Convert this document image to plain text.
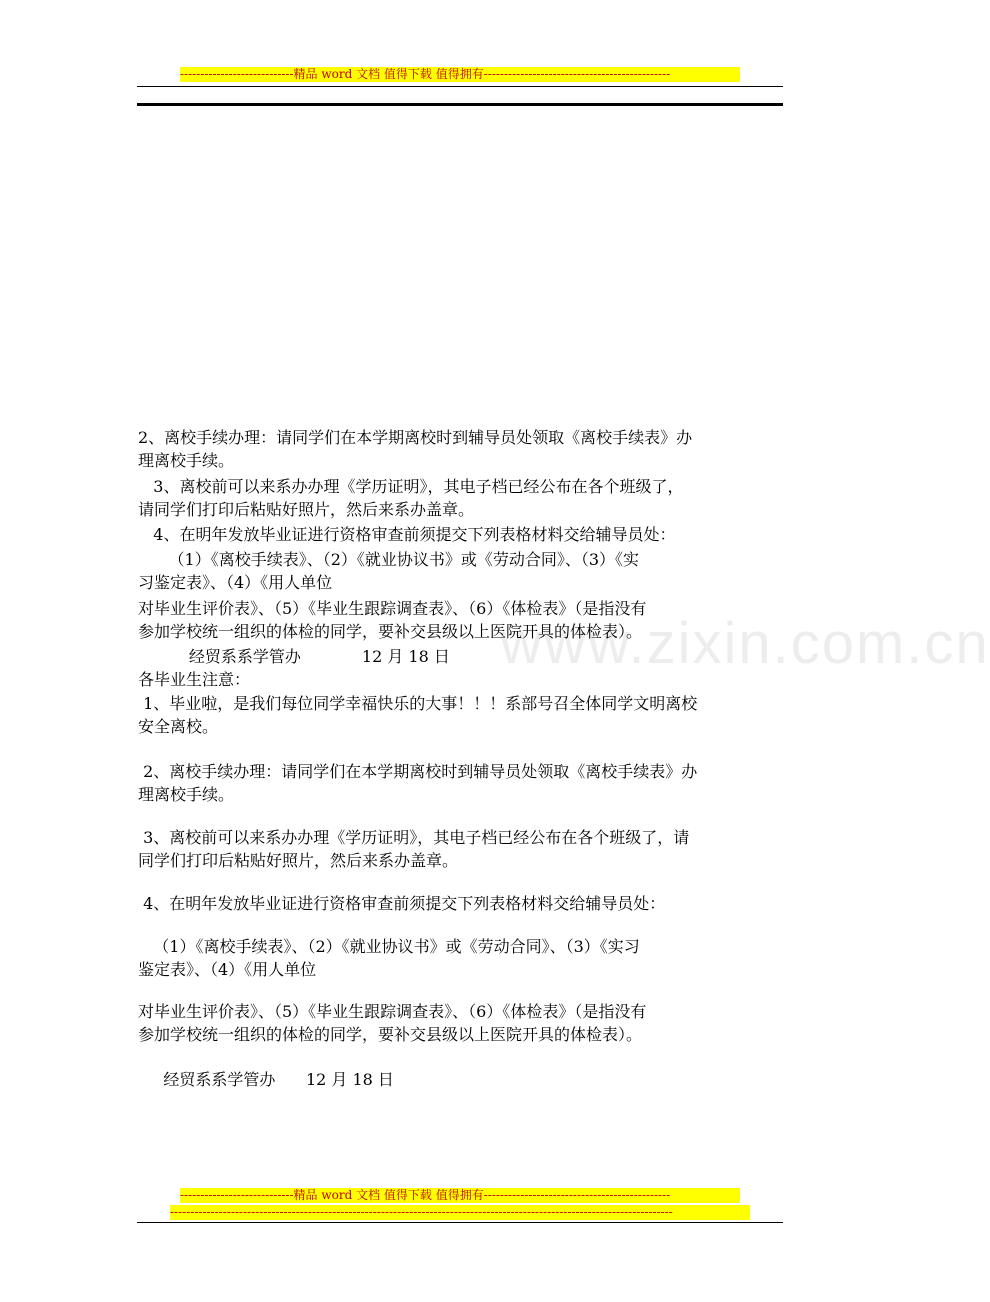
----------------------------精品 word 文档 值得下载 值得拥有----------------------------------------------
www.zixin.com.cn
2、离校手续办理：请同学们在本学期离校时到辅导员处领取《离校手续表》办
理离校手续。
3、离校前可以来系办办理《学历证明》，其电子档已经公布在各个班级了，
请同学们打印后粘贴好照片，然后来系办盖章。
4、在明年发放毕业证进行资格审查前须提交下列表格材料交给辅导员处：
（1）《离校手续表》、（2）《就业协议书》或《劳动合同》、（3）《实
习鉴定表》、（4）《用人单位
对毕业生评价表》、（5）《毕业生跟踪调查表》、（6）《体检表》（是指没有
参加学校统一组织的体检的同学，要补交县级以上医院开具的体检表）。
经贸系系学管办            12 月 18 日
各毕业生注意：
1、毕业啦，是我们每位同学幸福快乐的大事！！！系部号召全体同学文明离校
安全离校。
2、离校手续办理：请同学们在本学期离校时到辅导员处领取《离校手续表》办
理离校手续。
3、离校前可以来系办办理《学历证明》，其电子档已经公布在各个班级了，请
同学们打印后粘贴好照片，然后来系办盖章。
4、在明年发放毕业证进行资格审查前须提交下列表格材料交给辅导员处：
（1）《离校手续表》、（2）《就业协议书》或《劳动合同》、（3）《实习
鉴定表》、（4）《用人单位
对毕业生评价表》、（5）《毕业生跟踪调查表》、（6）《体检表》（是指没有
参加学校统一组织的体检的同学，要补交县级以上医院开具的体检表）。
经贸系系学管办      12 月 18 日
----------------------------精品 word 文档 值得下载 值得拥有----------------------------------------------
----------------------------------------------------------------------------------------------------------------------------
